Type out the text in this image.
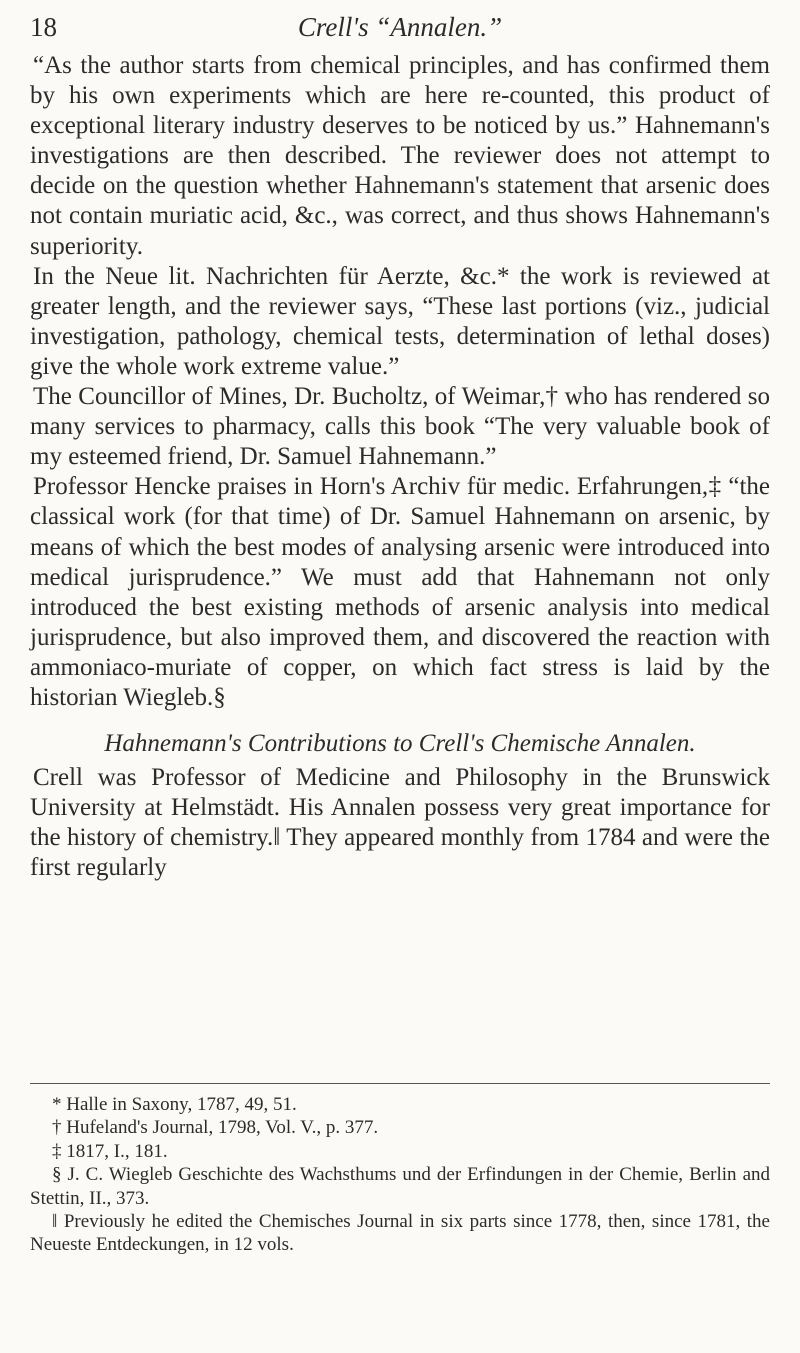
18	Crell's “Annalen.”

“As the author starts from chemical principles, and has confirmed them by his own experiments which are here re-counted, this product of exceptional literary industry deserves to be noticed by us.” Hahnemann's investigations are then described. The reviewer does not attempt to decide on the question whether Hahnemann's statement that arsenic does not contain muriatic acid, &c., was correct, and thus shows Hahnemann's superiority.

In the Neue lit. Nachrichten für Aerzte, &c.* the work is reviewed at greater length, and the reviewer says, “These last portions (viz., judicial investigation, pathology, chemical tests, determination of lethal doses) give the whole work extreme value.”

The Councillor of Mines, Dr. Bucholtz, of Weimar,† who has rendered so many services to pharmacy, calls this book “The very valuable book of my esteemed friend, Dr. Samuel Hahnemann.”

Professor Hencke praises in Horn's Archiv für medic. Erfahrungen,‡ “the classical work (for that time) of Dr. Samuel Hahnemann on arsenic, by means of which the best modes of analysing arsenic were introduced into medical jurisprudence.” We must add that Hahnemann not only introduced the best existing methods of arsenic analysis into medical jurisprudence, but also improved them, and discovered the reaction with ammoniaco-muriate of copper, on which fact stress is laid by the historian Wiegleb.§

Hahnemann's Contributions to Crell's Chemische Annalen.

Crell was Professor of Medicine and Philosophy in the Brunswick University at Helmstädt. His Annalen possess very great importance for the history of chemistry.‖ They appeared monthly from 1784 and were the first regularly

* Halle in Saxony, 1787, 49, 51.

† Hufeland's Journal, 1798, Vol. V., p. 377.

‡ 1817, I., 181.

§ J. C. Wiegleb Geschichte des Wachsthums und der Erfindungen in der Chemie, Berlin and Stettin, II., 373.

‖ Previously he edited the Chemisches Journal in six parts since 1778, then, since 1781, the Neueste Entdeckungen, in 12 vols.
